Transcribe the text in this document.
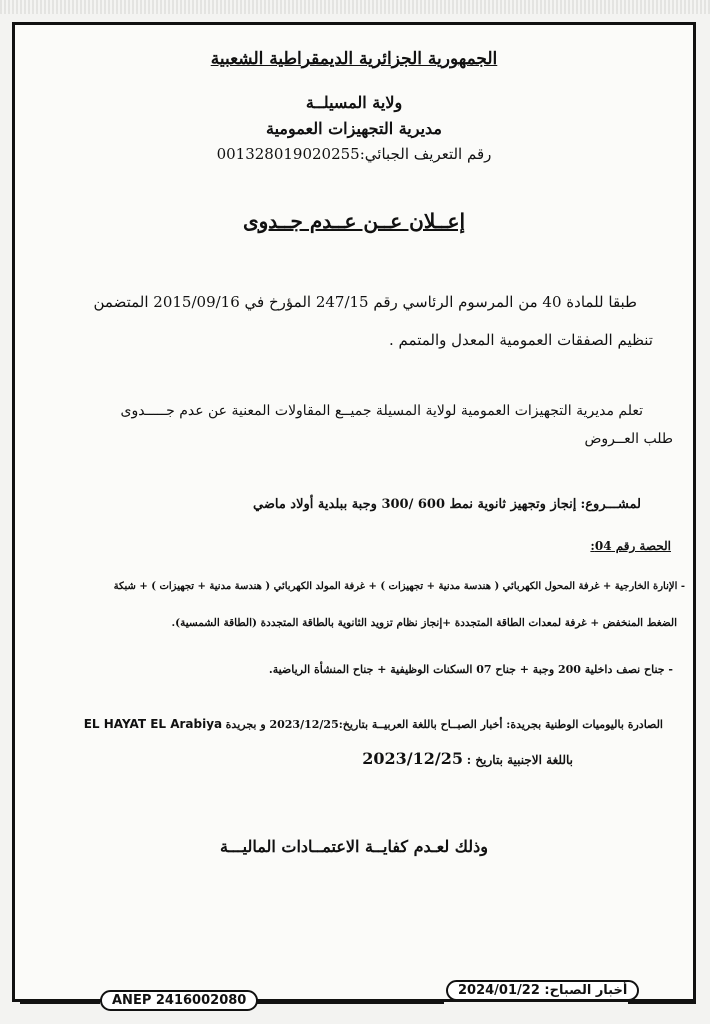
الجمهورية الجزائرية الديمقراطية الشعبية
ولاية المسيلــة
مديرية التجهيزات العمومية
رقم التعريف الجبائي:001328019020255
إعــلان عــن عــدم جــدوى
طبقا للمادة 40 من المرسوم الرئاسي رقم 247/15 المؤرخ في 2015/09/16 المتضمن
تنظيم الصفقات العمومية المعدل والمتمم .
تعلم مديرية التجهيزات العمومية لولاية المسيلة جميــع المقاولات المعنية عن عدم جـــــدوى
طلب العــروض
لمشـــروع: إنجاز وتجهيز ثانوية نمط 600 /300 وجبة ببلدية أولاد ماضي
الحصة رقم 04:
- الإنارة الخارجية + غرفة المحول الكهربائي ( هندسة مدنية + تجهيزات ) + غرفة المولد الكهربائي ( هندسة مدنية + تجهيزات ) + شبكة
الضغط المنخفض + غرفة لمعدات الطاقة المتجددة +إنجاز نظام تزويد الثانوية بالطاقة المتجددة (الطاقة الشمسية).
- جناح نصف داخلية 200 وجبة + جناح 07 السكنات الوظيفية + جناح المنشأة الرياضية.
الصادرة باليوميات الوطنية بجريدة: أخبار الصبــاح باللغة العربيــة بتاريخ:2023/12/25 و بجريدة EL HAYAT EL Arabiya
باللغة الاجنبية بتاريخ : 2023/12/25
وذلك لعـدم كفايــة الاعتمــادات الماليـــة
ANEP 2416002080
أخبار الصباح: 2024/01/22
